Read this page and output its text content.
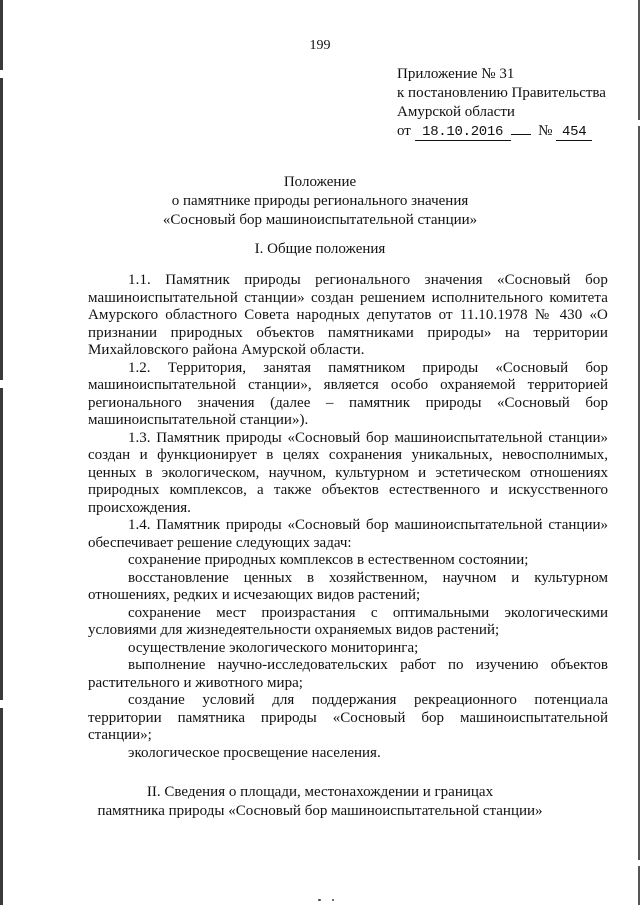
199
Приложение № 31
к постановлению Правительства
Амурской области
от 18.10.2016 № 454
Положение
о памятнике природы регионального значения
«Сосновый бор машиноиспытательной станции»
I. Общие положения
1.1. Памятник природы регионального значения «Сосновый бор машиноиспытательной станции» создан решением исполнительного комитета Амурского областного Совета народных депутатов от 11.10.1978 № 430 «О признании природных объектов памятниками природы» на территории Михайловского района Амурской области.
1.2. Территория, занятая памятником природы «Сосновый бор машиноиспытательной станции», является особо охраняемой территорией регионального значения (далее – памятник природы «Сосновый бор машиноиспытательной станции»).
1.3. Памятник природы «Сосновый бор машиноиспытательной станции» создан и функционирует в целях сохранения уникальных, невосполнимых, ценных в экологическом, научном, культурном и эстетическом отношениях природных комплексов, а также объектов естественного и искусственного происхождения.
1.4. Памятник природы «Сосновый бор машиноиспытательной станции» обеспечивает решение следующих задач:
сохранение природных комплексов в естественном состоянии;
восстановление ценных в хозяйственном, научном и культурном отношениях, редких и исчезающих видов растений;
сохранение мест произрастания с оптимальными экологическими условиями для жизнедеятельности охраняемых видов растений;
осуществление экологического мониторинга;
выполнение научно-исследовательских работ по изучению объектов растительного и животного мира;
создание условий для поддержания рекреационного потенциала территории памятника природы «Сосновый бор машиноиспытательной станции»;
экологическое просвещение населения.
II. Сведения о площади, местонахождении и границах
памятника природы «Сосновый бор машиноиспытательной станции»
